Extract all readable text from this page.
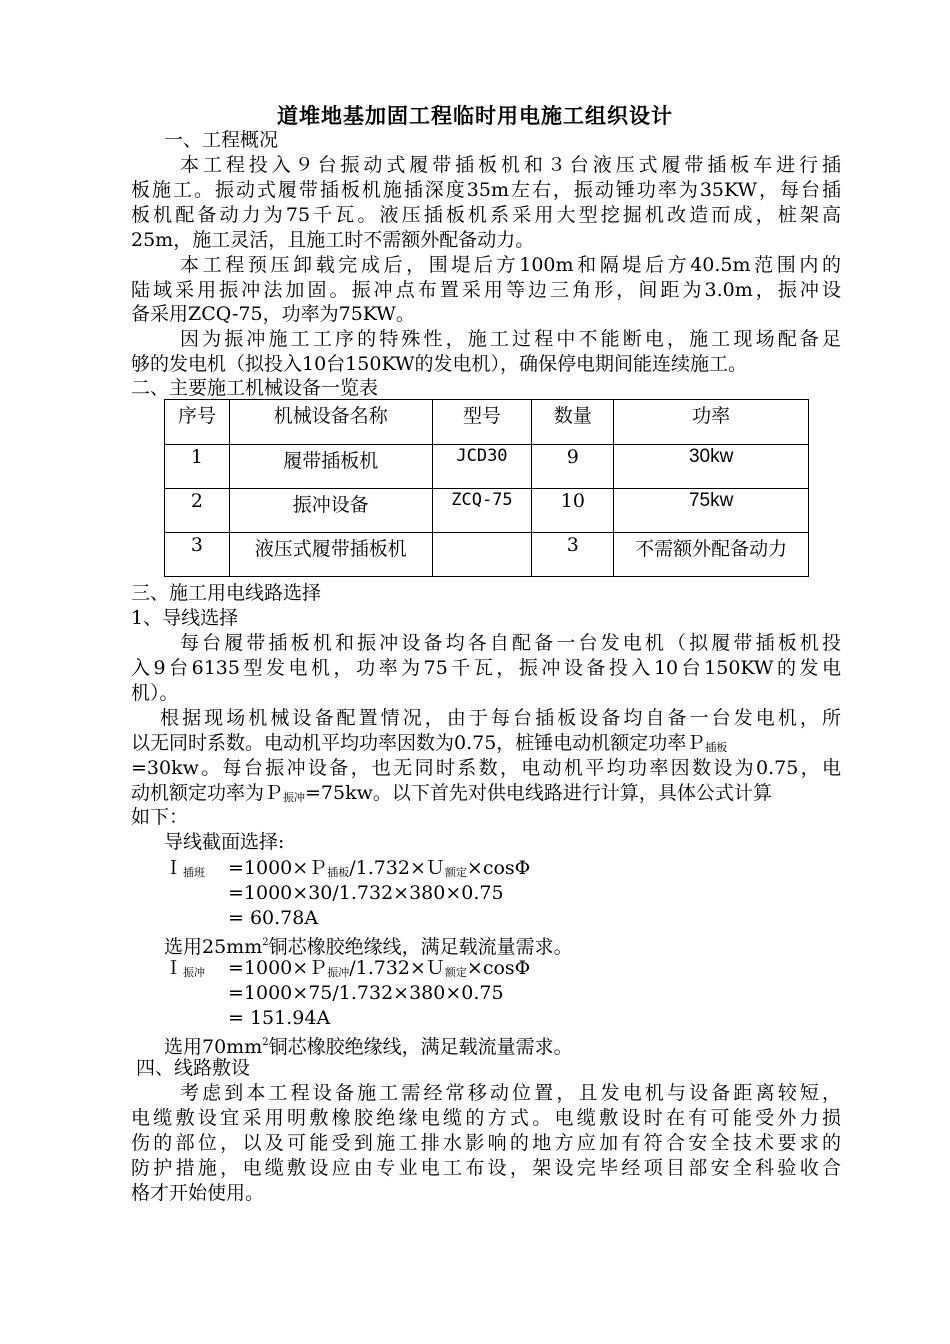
道堆地基加固工程临时用电施工组织设计
一、工程概况
本工程投入９台振动式履带插板机和３台液压式履带插板车进行插
板施工。振动式履带插板机施插深度35m左右，振动锤功率为35KW，每台插
板机配备动力为75千瓦。液压插板机系采用大型挖掘机改造而成，桩架高
25m，施工灵活，且施工时不需额外配备动力。
本工程预压卸载完成后，围堤后方100m和隔堤后方40.5m范围内的
陆域采用振冲法加固。振冲点布置采用等边三角形，间距为3.0m，振冲设
备采用ZCQ-75，功率为75KW。
因为振冲施工工序的特殊性，施工过程中不能断电，施工现场配备足
够的发电机（拟投入10台150KW的发电机），确保停电期间能连续施工。
二、主要施工机械设备一览表
序号	机械设备名称	型号	数量	功率
1	履带插板机	JCD30	9	30kw
2	振冲设备	ZCQ-75	10	75kw
3	液压式履带插板机		3	不需额外配备动力
三、施工用电线路选择
1、导线选择
每台履带插板机和振冲设备均各自配备一台发电机（拟履带插板机投
入9台6135型发电机，功率为75千瓦，振冲设备投入10台150KW的发电
机）。
根据现场机械设备配置情况，由于每台插板设备均自备一台发电机，所
以无同时系数。电动机平均功率因数为0.75，桩锤电动机额定功率Ｐ$_{插板}$
=30kw。每台振冲设备，也无同时系数，电动机平均功率因数设为0.75，电
动机额定功率为Ｐ$_{振冲}$=75kw。以下首先对供电线路进行计算，具体公式计算
如下：
导线截面选择:
Ｉ$_{插班}$ =1000×Ｐ$_{插板}$/1.732×Ｕ$_{额定}$×cosΦ
=1000×30/1.732×380×0.75
= 60.78A
选用$25mm^2$铜芯橡胶绝缘线，满足载流量需求。
Ｉ$_{振冲}$ =1000×Ｐ$_{振冲}$/1.732×Ｕ$_{额定}$×cosΦ
=1000×75/1.732×380×0.75
= 151.94A
选用$70mm^2$铜芯橡胶绝缘线，满足载流量需求。
四、线路敷设
考虑到本工程设备施工需经常移动位置，且发电机与设备距离较短，
电缆敷设宜采用明敷橡胶绝缘电缆的方式。电缆敷设时在有可能受外力损
伤的部位，以及可能受到施工排水影响的地方应加有符合安全技术要求的
防护措施，电缆敷设应由专业电工布设，架设完毕经项目部安全科验收合
格才开始使用。
